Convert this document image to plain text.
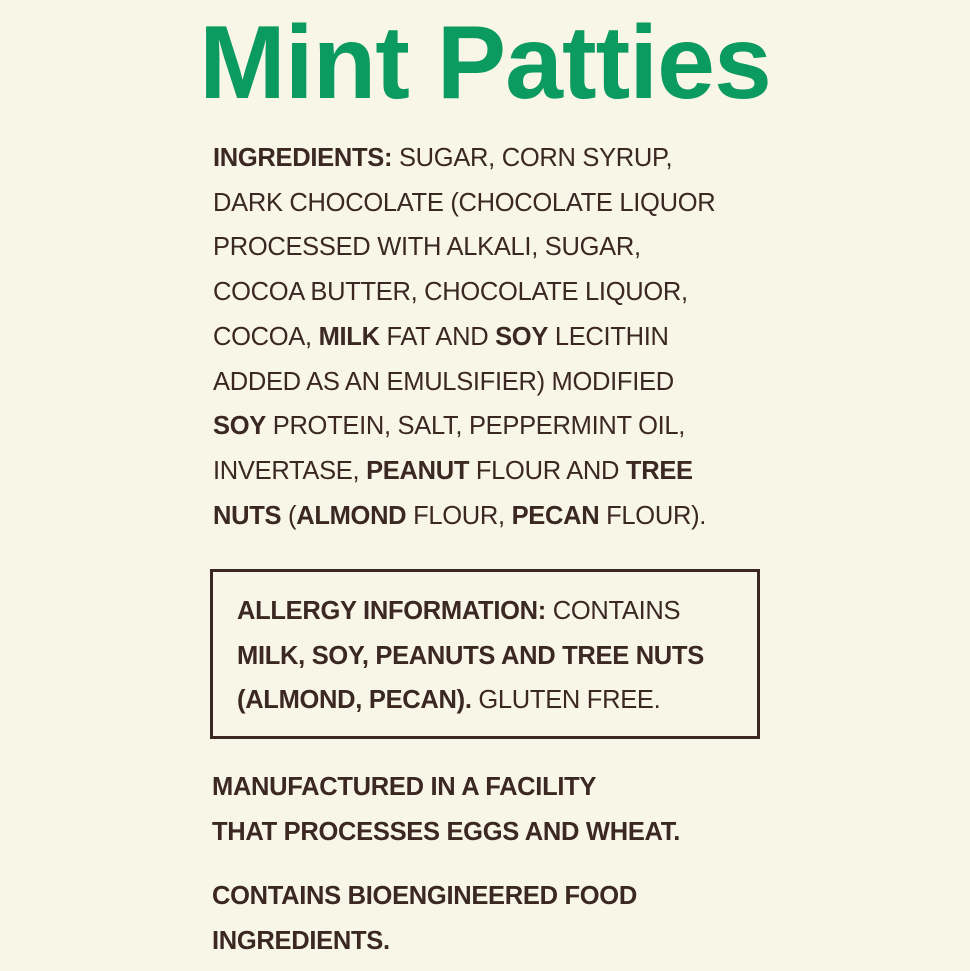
Mint Patties
INGREDIENTS: SUGAR, CORN SYRUP,
DARK CHOCOLATE (CHOCOLATE LIQUOR
PROCESSED WITH ALKALI, SUGAR,
COCOA BUTTER, CHOCOLATE LIQUOR,
COCOA, MILK FAT AND SOY LECITHIN
ADDED AS AN EMULSIFIER) MODIFIED
SOY PROTEIN, SALT, PEPPERMINT OIL,
INVERTASE, PEANUT FLOUR AND TREE
NUTS (ALMOND FLOUR, PECAN FLOUR).
ALLERGY INFORMATION: CONTAINS
MILK, SOY, PEANUTS AND TREE NUTS
(ALMOND, PECAN). GLUTEN FREE.
MANUFACTURED IN A FACILITY
THAT PROCESSES EGGS AND WHEAT.
CONTAINS BIOENGINEERED FOOD
INGREDIENTS.
